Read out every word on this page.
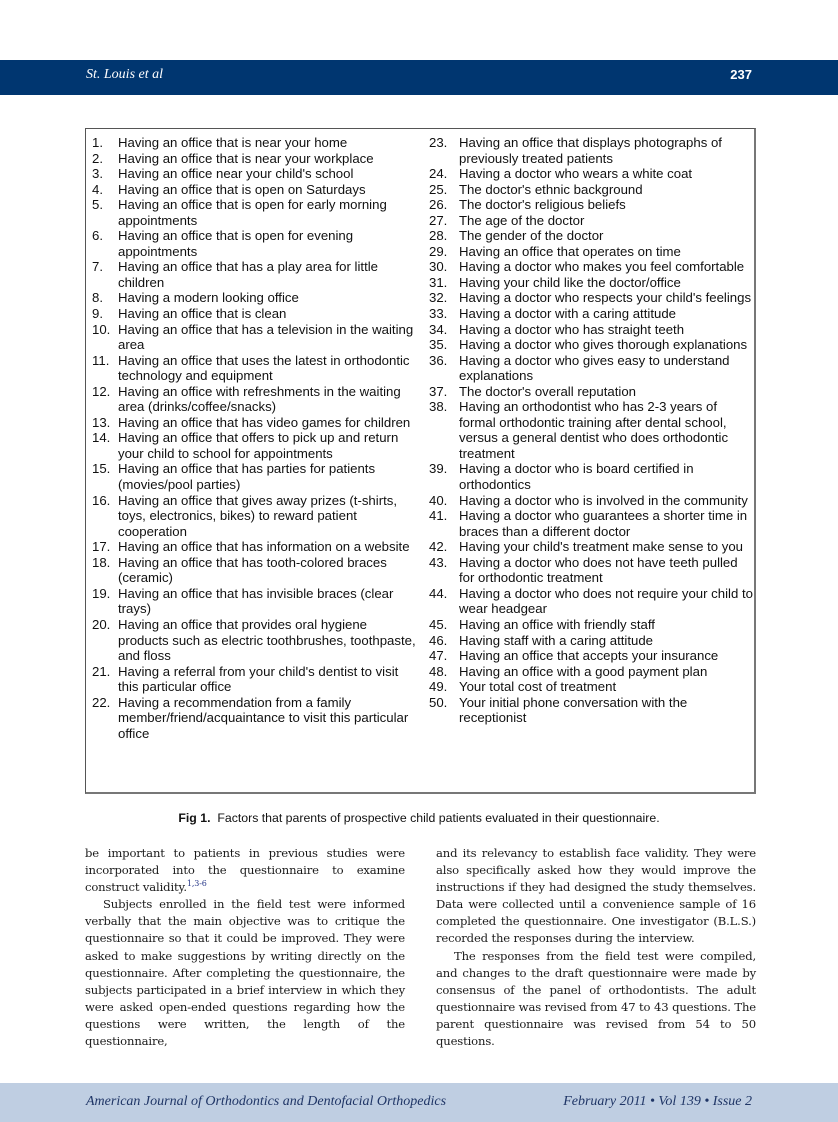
St. Louis et al	237
1.	Having an office that is near your home
2.	Having an office that is near your workplace
3.	Having an office near your child's school
4.	Having an office that is open on Saturdays
5.	Having an office that is open for early morning appointments
6.	Having an office that is open for evening appointments
7.	Having an office that has a play area for little children
8.	Having a modern looking office
9.	Having an office that is clean
10. Having an office that has a television in the waiting area
11. Having an office that uses the latest in orthodontic technology and equipment
12. Having an office with refreshments in the waiting area (drinks/coffee/snacks)
13. Having an office that has video games for children
14. Having an office that offers to pick up and return your child to school for appointments
15. Having an office that has parties for patients (movies/pool parties)
16. Having an office that gives away prizes (t-shirts, toys, electronics, bikes) to reward patient cooperation
17. Having an office that has information on a website
18. Having an office that has tooth-colored braces (ceramic)
19. Having an office that has invisible braces (clear trays)
20. Having an office that provides oral hygiene products such as electric toothbrushes, toothpaste, and floss
21. Having a referral from your child's dentist to visit this particular office
22. Having a recommendation from a family member/friend/acquaintance to visit this particular office
23. Having an office that displays photographs of previously treated patients
24. Having a doctor who wears a white coat
25. The doctor's ethnic background
26. The doctor's religious beliefs
27. The age of the doctor
28. The gender of the doctor
29. Having an office that operates on time
30. Having a doctor who makes you feel comfortable
31. Having your child like the doctor/office
32. Having a doctor who respects your child's feelings
33. Having a doctor with a caring attitude
34. Having a doctor who has straight teeth
35. Having a doctor who gives thorough explanations
36. Having a doctor who gives easy to understand explanations
37. The doctor's overall reputation
38. Having an orthodontist who has 2-3 years of formal orthodontic training after dental school, versus a general dentist who does orthodontic treatment
39. Having a doctor who is board certified in orthodontics
40. Having a doctor who is involved in the community
41. Having a doctor who guarantees a shorter time in braces than a different doctor
42. Having your child's treatment make sense to you
43. Having a doctor who does not have teeth pulled for orthodontic treatment
44. Having a doctor who does not require your child to wear headgear
45. Having an office with friendly staff
46. Having staff with a caring attitude
47. Having an office that accepts your insurance
48. Having an office with a good payment plan
49. Your total cost of treatment
50. Your initial phone conversation with the receptionist
Fig 1. Factors that parents of prospective child patients evaluated in their questionnaire.

be important to patients in previous studies were incorporated into the questionnaire to examine construct validity.$^{1,3-6}$

Subjects enrolled in the field test were informed verbally that the main objective was to critique the questionnaire so that it could be improved. They were asked to make suggestions by writing directly on the questionnaire. After completing the questionnaire, the subjects participated in a brief interview in which they were asked open-ended questions regarding how the questions were written, the length of the questionnaire,

and its relevancy to establish face validity. They were also specifically asked how they would improve the instructions if they had designed the study themselves. Data were collected until a convenience sample of 16 completed the questionnaire. One investigator (B.L.S.) recorded the responses during the interview.

The responses from the field test were compiled, and changes to the draft questionnaire were made by consensus of the panel of orthodontists. The adult questionnaire was revised from 47 to 43 questions. The parent questionnaire was revised from 54 to 50 questions.

American Journal of Orthodontics and Dentofacial Orthopedics	February 2011 • Vol 139 • Issue 2
